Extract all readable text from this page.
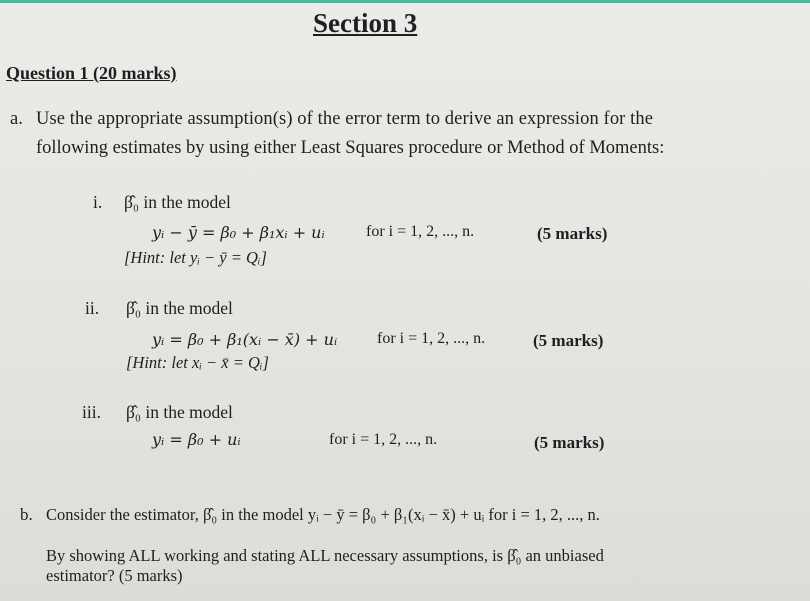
Section 3
Question 1 (20 marks)
a. Use the appropriate assumption(s) of the error term to derive an expression for the
following estimates by using either Least Squares procedure or Method of Moments:
i. β̂₀ in the model
yᵢ − ȳ = β₀ + β₁xᵢ + uᵢ	for i = 1, 2, ..., n.	(5 marks)
[Hint: let yᵢ − ȳ = Qᵢ]
ii. β̂₀ in the model
yᵢ = β₀ + β₁(xᵢ − x̄) + uᵢ for i = 1, 2, ..., n.	(5 marks)
[Hint: let xᵢ − x̄ = Qᵢ]
iii. β̂₀ in the model
yᵢ = β₀ + uᵢ	for i = 1, 2, ..., n.	(5 marks)
b. Consider the estimator, β̂₀ in the model yᵢ − ȳ = β₀ + β₁(xᵢ − x̄) + uᵢ for i = 1, 2, ..., n.
By showing ALL working and stating ALL necessary assumptions, is β̂₀ an unbiased
estimator? (5 marks)
